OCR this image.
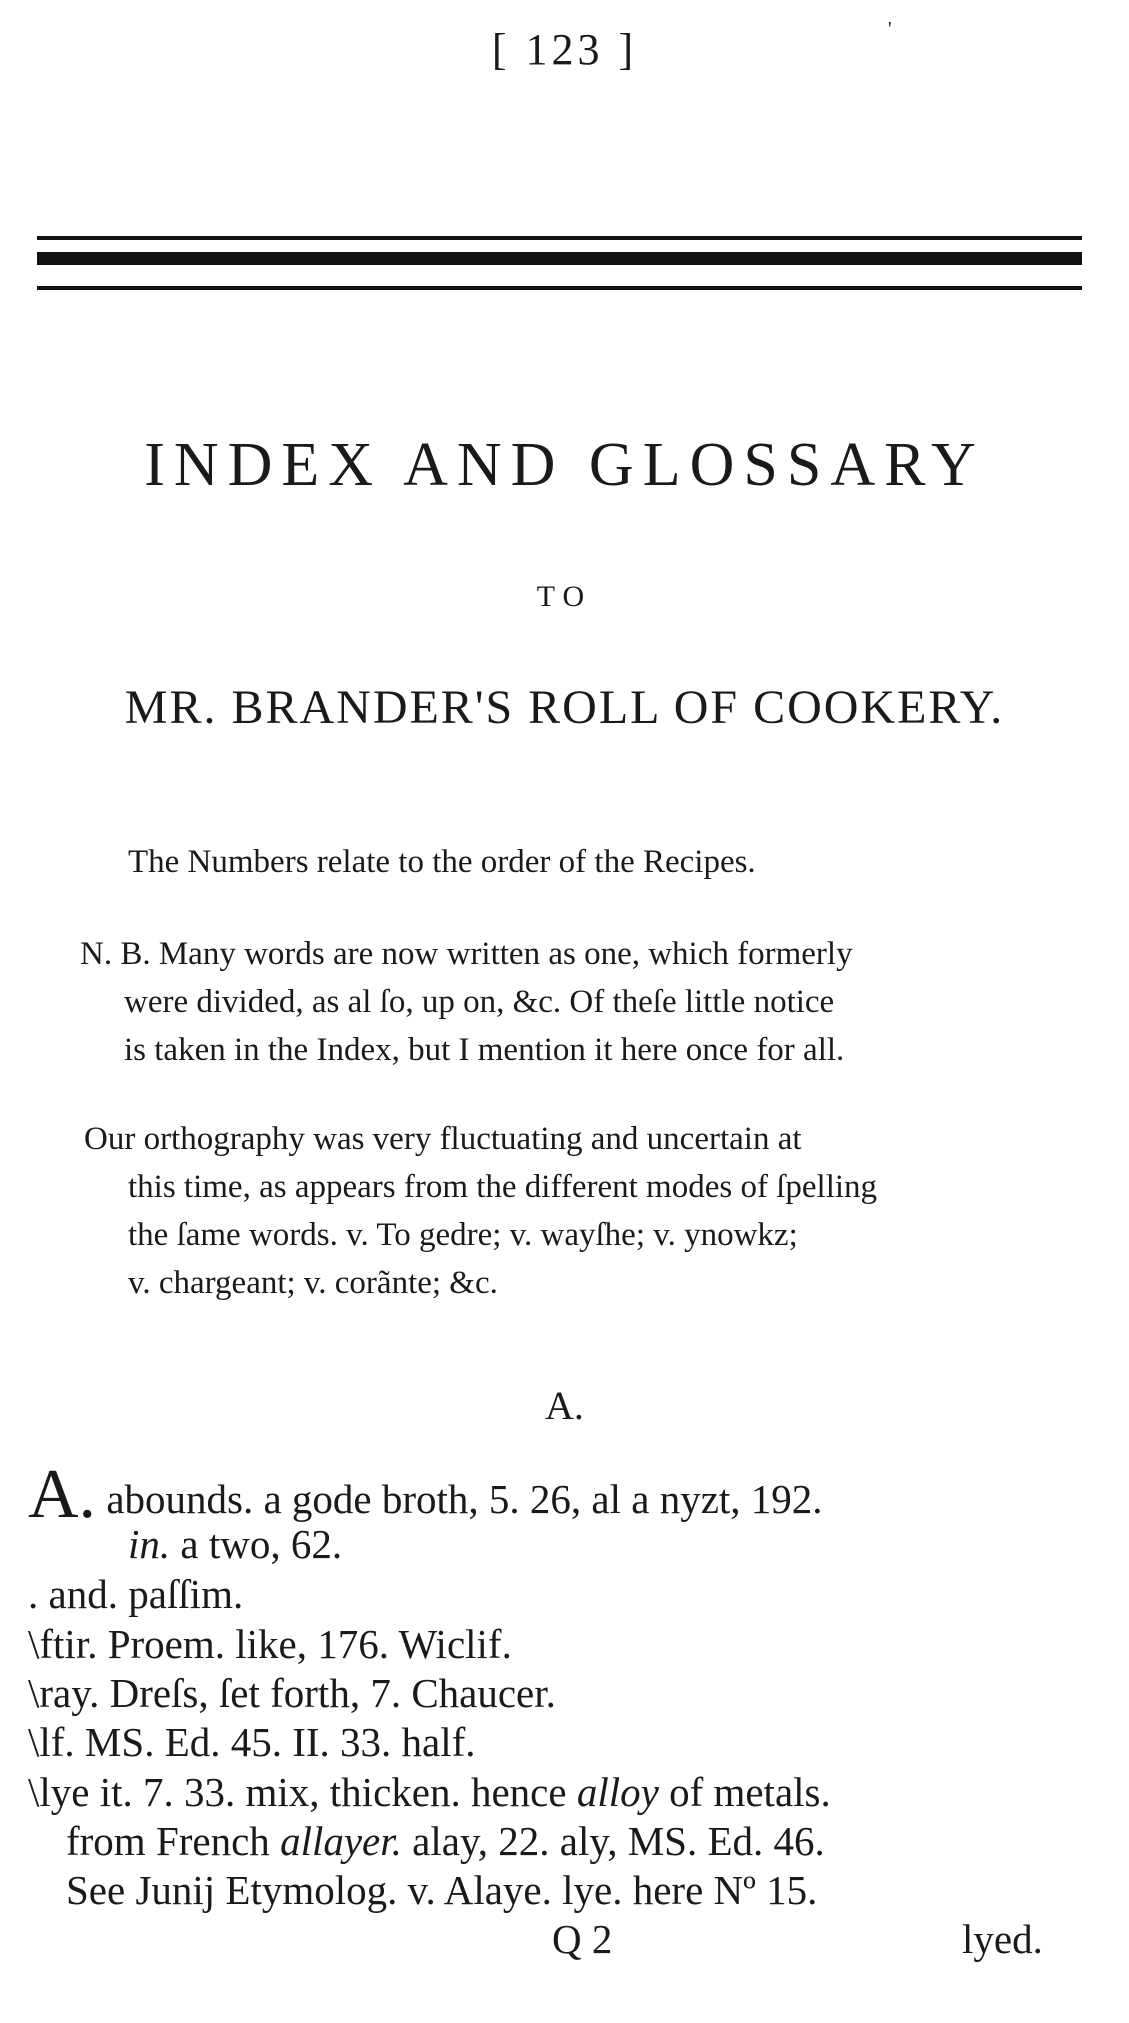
[ 123 ]	'
INDEX AND GLOSSARY
TO
MR. BRANDER'S ROLL OF COOKERY.
The Numbers relate to the order of the Recipes.
N. B. Many words are now written as one, which formerly
were divided, as al ſo, up on, &c. Of theſe little notice
is taken in the Index, but I mention it here once for all.
Our orthography was very fluctuating and uncertain at
this time, as appears from the different modes of ſpelling
the ſame words. v. To gedre; v. wayſhe; v. ynowkz;
v. chargeant; v. corãnte; &c.
A.
A. abounds. a gode broth, 5. 26, al a nyzt, 192.
in. a two, 62.
. and. paſſim.
\ftir. Proem. like, 176. Wiclif.
\ray. Dreſs, ſet forth, 7. Chaucer.
\lf. MS. Ed. 45. II. 33. half.
\lye it. 7. 33. mix, thicken. hence alloy of metals.
from French allayer. alay, 22. aly, MS. Ed. 46.
See Junij Etymolog. v. Alaye. lye. here Nº 15.
Q 2	lyed.
